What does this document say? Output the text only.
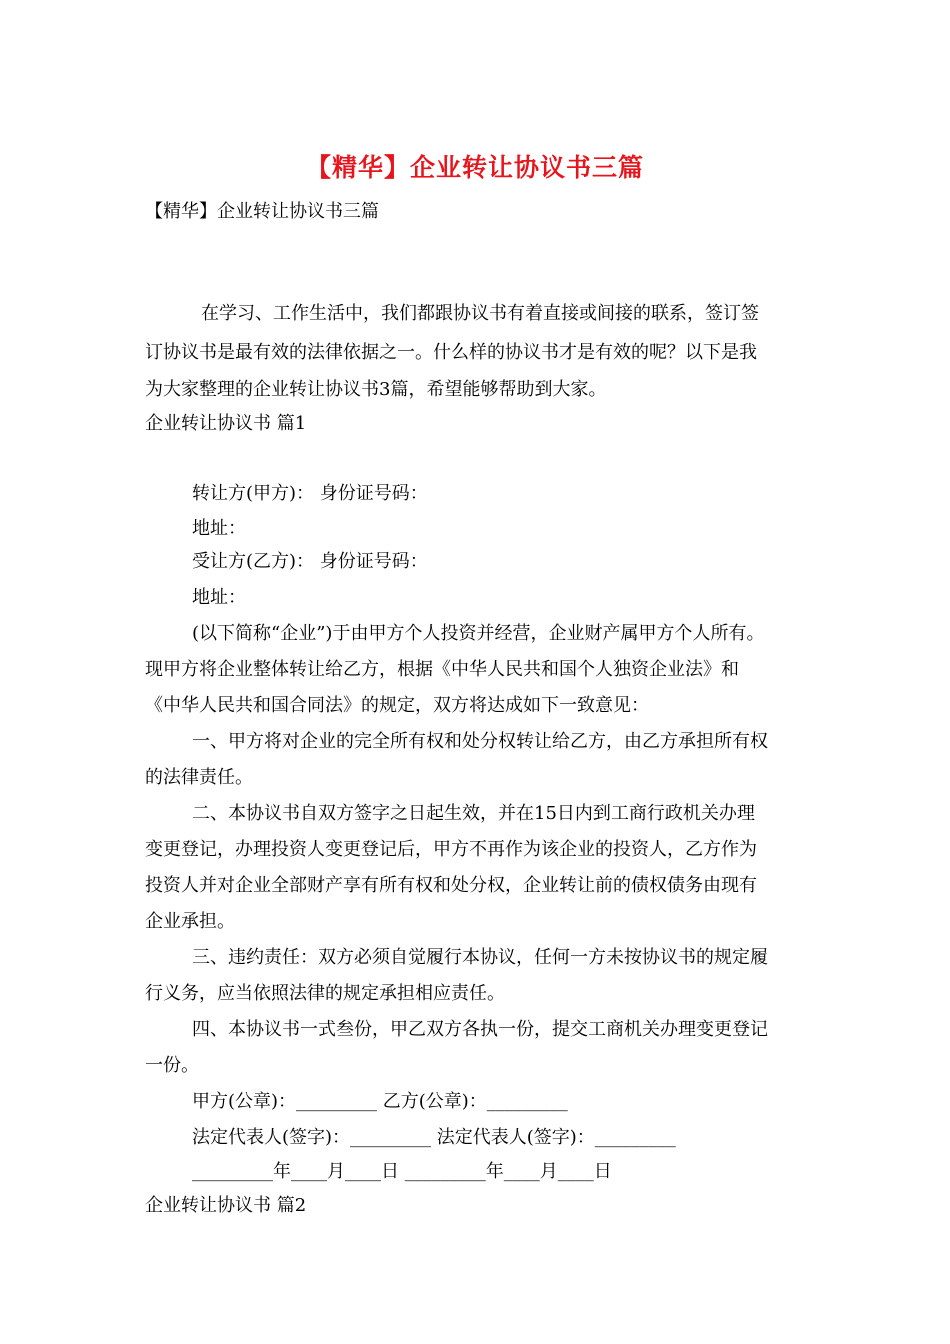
【精华】企业转让协议书三篇
【精华】企业转让协议书三篇
在学习、工作生活中，我们都跟协议书有着直接或间接的联系，签订签
订协议书是最有效的法律依据之一。什么样的协议书才是有效的呢？以下是我
为大家整理的企业转让协议书3篇，希望能够帮助到大家。
企业转让协议书 篇1
转让方(甲方)： 身份证号码：
地址：
受让方(乙方)： 身份证号码：
地址：
(以下简称“企业”)于由甲方个人投资并经营，企业财产属甲方个人所有。
现甲方将企业整体转让给乙方，根据《中华人民共和国个人独资企业法》和
《中华人民共和国合同法》的规定，双方将达成如下一致意见：
一、甲方将对企业的完全所有权和处分权转让给乙方，由乙方承担所有权
的法律责任。
二、本协议书自双方签字之日起生效，并在15日内到工商行政机关办理
变更登记，办理投资人变更登记后，甲方不再作为该企业的投资人，乙方作为
投资人并对企业全部财产享有所有权和处分权，企业转让前的债权债务由现有
企业承担。
三、违约责任：双方必须自觉履行本协议，任何一方未按协议书的规定履
行义务，应当依照法律的规定承担相应责任。
四、本协议书一式叁份，甲乙双方各执一份，提交工商机关办理变更登记
一份。
甲方(公章)：_________ 乙方(公章)：_________
法定代表人(签字)：_________ 法定代表人(签字)：_________
_________年____月____日 _________年____月____日
企业转让协议书 篇2
